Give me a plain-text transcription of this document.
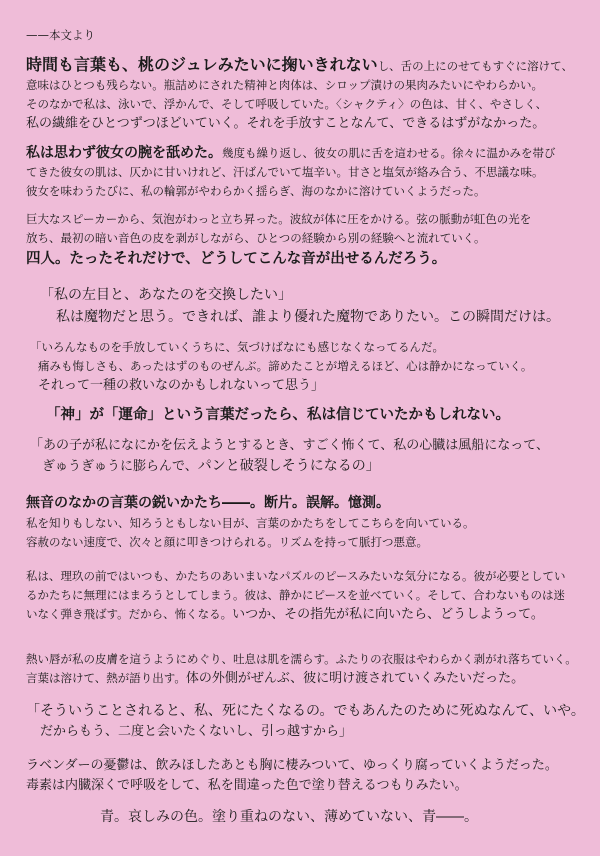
——本文より
時間も言葉も、桃のジュレみたいに掬いきれないし、舌の上にのせてもすぐに溶けて、
意味はひとつも残らない。瓶詰めにされた精神と肉体は、シロップ漬けの果肉みたいにやわらかい。
そのなかで私は、泳いで、浮かんで、そして呼吸していた。〈シャクティ〉の色は、甘く、やさしく、
私の繊維をひとつずつほどいていく。それを手放すことなんて、できるはずがなかった。
私は思わず彼女の腕を舐めた。幾度も繰り返し、彼女の肌に舌を這わせる。徐々に温かみを帯び
てきた彼女の肌は、仄かに甘いけれど、汗ばんでいて塩辛い。甘さと塩気が絡み合う、不思議な味。
彼女を味わうたびに、私の輪郭がやわらかく揺らぎ、海のなかに溶けていくようだった。
巨大なスピーカーから、気泡がわっと立ち昇った。波紋が体に圧をかける。弦の脈動が虹色の光を
放ち、最初の暗い音色の皮を剥がしながら、ひとつの経験から別の経験へと流れていく。
四人。たったそれだけで、どうしてこんな音が出せるんだろう。
「私の左目と、あなたのを交換したい」
私は魔物だと思う。できれば、誰より優れた魔物でありたい。この瞬間だけは。
「いろんなものを手放していくうちに、気づけばなにも感じなくなってるんだ。
痛みも悔しさも、あったはずのものぜんぶ。諦めたことが増えるほど、心は静かになっていく。
それって一種の救いなのかもしれないって思う」
「神」が「運命」という言葉だったら、私は信じていたかもしれない。
「あの子が私になにかを伝えようとするとき、すごく怖くて、私の心臓は風船になって、
ぎゅうぎゅうに膨らんで、パンと破裂しそうになるの」
無音のなかの言葉の鋭いかたち――。断片。誤解。憶測。
私を知りもしない、知ろうともしない目が、言葉のかたちをしてこちらを向いている。
容赦のない速度で、次々と顔に叩きつけられる。リズムを持って脈打つ悪意。
私は、理玖の前ではいつも、かたちのあいまいなパズルのピースみたいな気分になる。彼が必要としてい
るかたちに無理にはまろうとしてしまう。彼は、静かにピースを並べていく。そして、合わないものは迷
いなく弾き飛ばす。だから、怖くなる。いつか、その指先が私に向いたら、どうしようって。
熱い唇が私の皮膚を這うようにめぐり、吐息は肌を濡らす。ふたりの衣服はやわらかく剥がれ落ちていく。
言葉は溶けて、熱が語り出す。体の外側がぜんぶ、彼に明け渡されていくみたいだった。
「そういうことされると、私、死にたくなるの。でもあんたのために死ぬなんて、いや。
だからもう、二度と会いたくないし、引っ越すから」
ラベンダーの憂鬱は、飲みほしたあとも胸に棲みついて、ゆっくり腐っていくようだった。
毒素は内臓深くで呼吸をして、私を間違った色で塗り替えるつもりみたい。
青。哀しみの色。塗り重ねのない、薄めていない、青――。
